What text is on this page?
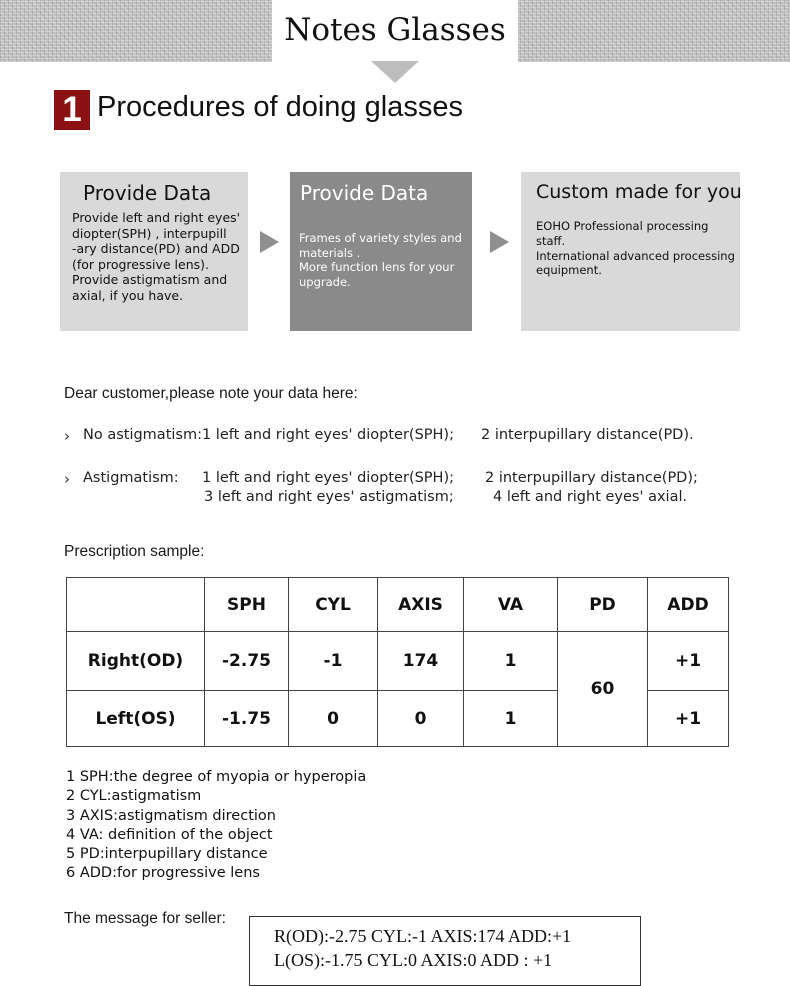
Notes Glasses
1 Procedures of doing glasses
Provide Data
Provide left and right eyes'
diopter(SPH) , interpupill
-ary distance(PD) and ADD
(for progressive lens).
Provide astigmatism and
axial, if you have.
Provide Data
Frames of variety styles and
materials .
More function lens for your
upgrade.
Custom made for you
EOHO Professional processing
staff.
International advanced processing
equipment.
Dear customer,please note your data here:
› No astigmatism:1 left and right eyes' diopter(SPH); 2 interpupillary distance(PD).
› Astigmatism: 1 left and right eyes' diopter(SPH); 2 interpupillary distance(PD);
3 left and right eyes' astigmatism;	4 left and right eyes' axial.
Prescription sample:
	SPH	CYL	AXIS	VA	PD	ADD
Right(OD)	-2.75	-1	174	1	60	+1
Left(OS)	-1.75	0	0	1		+1
1 SPH:the degree of myopia or hyperopia
2 CYL:astigmatism
3 AXIS:astigmatism direction
4 VA: definition of the object
5 PD:interpupillary distance
6 ADD:for progressive lens
The message for seller:
R(OD):-2.75 CYL:-1 AXIS:174 ADD:+1
L(OS):-1.75 CYL:0 AXIS:0 ADD : +1
